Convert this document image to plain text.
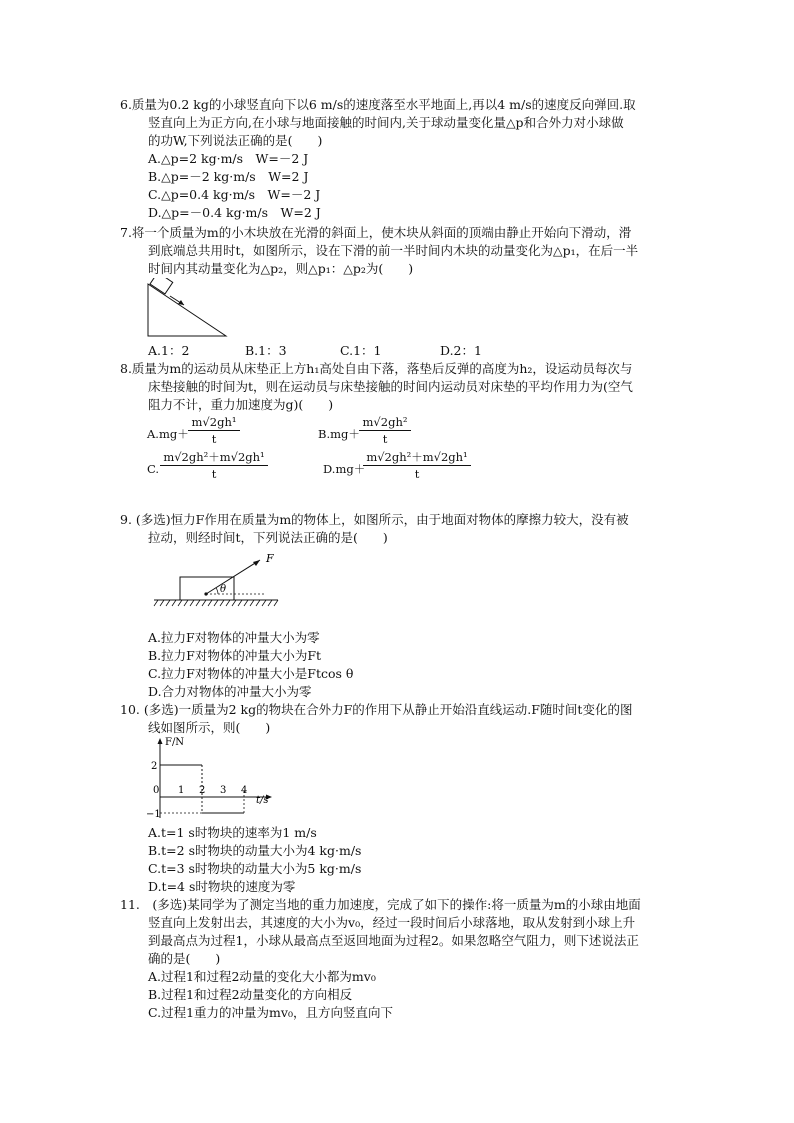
6.质量为0.2 kg的小球竖直向下以6 m/s的速度落至水平地面上,再以4 m/s的速度反向弹回.取
竖直向上为正方向,在小球与地面接触的时间内,关于球动量变化量△p和合外力对小球做
的功W,下列说法正确的是(　　)
A.△p=2 kg·m/s　W=－2 J
B.△p=－2 kg·m/s　W=2 J
C.△p=0.4 kg·m/s　W=－2 J
D.△p=－0.4 kg·m/s　W=2 J
7.将一个质量为m的小木块放在光滑的斜面上，使木块从斜面的顶端由静止开始向下滑动，滑
到底端总共用时t，如图所示，设在下滑的前一半时间内木块的动量变化为△p₁，在后一半
时间内其动量变化为△p₂，则△p₁：△p₂为(　　)
A.1：2	B.1：3	C.1：1	D.2：1
8.质量为m的运动员从床垫正上方h₁高处自由下落，落垫后反弹的高度为h₂，设运动员每次与
床垫接触的时间为t，则在运动员与床垫接触的时间内运动员对床垫的平均作用力为(空气
阻力不计，重力加速度为g)(　　)
A.mg＋
m√2gh¹
t	B.mg＋
m√2gh²
t
C.
m√2gh²＋m√2gh¹
t	D.mg＋
m√2gh²＋m√2gh¹
t
9. (多选)恒力F作用在质量为m的物体上，如图所示，由于地面对物体的摩擦力较大，没有被
拉动，则经时间t，下列说法正确的是(　　)
F
θ
A.拉力F对物体的冲量大小为零
B.拉力F对物体的冲量大小为Ft
C.拉力F对物体的冲量大小是Ftcos θ
D.合力对物体的冲量大小为零
10. (多选)一质量为2 kg的物块在合外力F的作用下从静止开始沿直线运动.F随时间t变化的图
线如图所示，则(　　)
F/N
t/s
0 1 2 3 4
2
−1
A.t=1 s时物块的速率为1 m/s
B.t=2 s时物块的动量大小为4 kg·m/s
C.t=3 s时物块的动量大小为5 kg·m/s
D.t=4 s时物块的速度为零
11.　(多选)某同学为了测定当地的重力加速度，完成了如下的操作:将一质量为m的小球由地面
竖直向上发射出去，其速度的大小为v₀，经过一段时间后小球落地，取从发射到小球上升
到最高点为过程1，小球从最高点至返回地面为过程2。如果忽略空气阻力，则下述说法正
确的是(　　)
A.过程1和过程2动量的变化大小都为mv₀
B.过程1和过程2动量变化的方向相反
C.过程1重力的冲量为mv₀，且方向竖直向下
